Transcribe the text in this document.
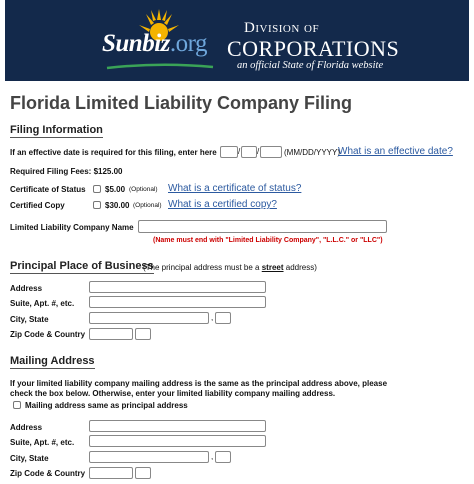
Sunbiz.org
Division of
CORPORATIONS
an official State of Florida website
Florida Limited Liability Company Filing
Filing Information
If an effective date is required for this filing, enter here	/ /	(MM/DD/YYYY)
What is an effective date?
Required Filing Fees: $125.00
Certificate of Status $5.00 (Optional) What is a certificate of status?
Certified Copy	$30.00 (Optional) What is a certified copy?
Limited Liability Company Name
(Name must end with "Limited Liability Company", "L.L.C." or "LLC")
Principal Place of Business
(The principal address must be a street address)
Address
Suite, Apt. #, etc.
City, State	,
Zip Code & Country
Mailing Address
If your limited liability company mailing address is the same as the principal address above, please check the box below. Otherwise, enter your limited liability company mailing address.
Mailing address same as principal address
Address
Suite, Apt. #, etc.
City, State	,
Zip Code & Country
